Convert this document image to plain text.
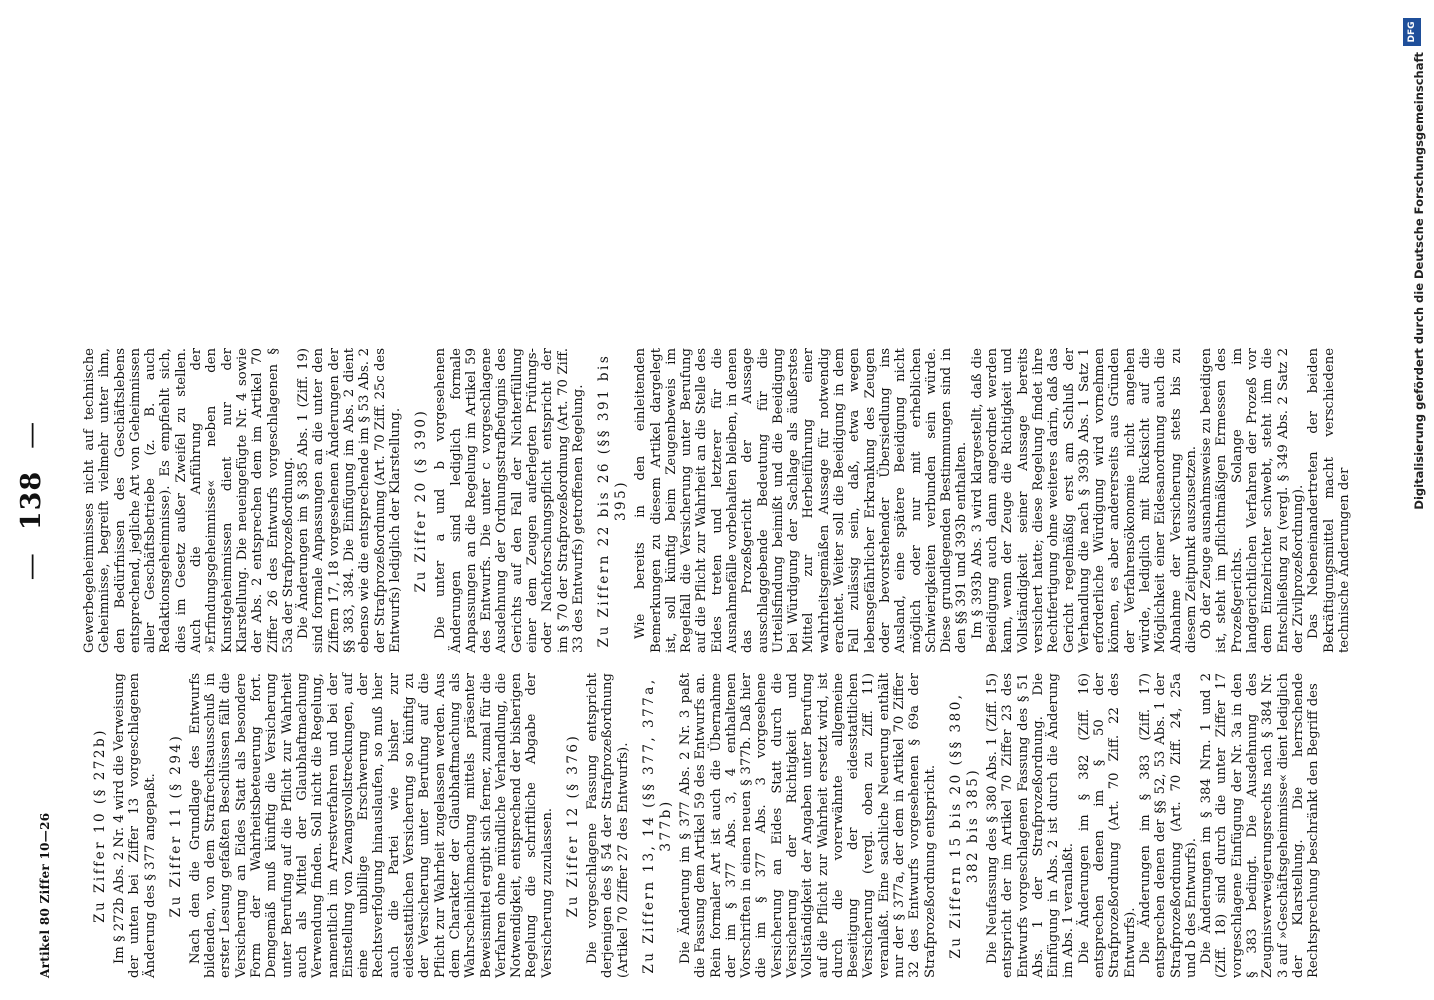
Artikel 80 Ziffer 10—26
—138—
Zu Ziffer 10 (§ 272b) Im § 272b Abs. 2 Nr. 4 wird die Verweisung der unten bei Ziffer 13 vorgeschlagenen Änderung des § 377 angepaßt. Zu Ziffer 11 (§ 294) Nach den die Grundlage des Entwurfs bildenden, von dem Strafrechtsausschuß in erster Lesung gefaßten Beschlüssen fällt die Versicherung an Eides Statt als besondere Form der Wahrheitsbeteuerung fort. Demgemäß muß künftig die Versicherung unter Berufung auf die Pflicht zur Wahrheit auch als Mittel der Glaubhaftmachung Verwendung finden. Soll nicht die Regelung, namentlich im Arrestverfahren und bei der Einstellung von Zwangsvollstreckungen, auf eine unbillige Erschwerung der Rechtsverfolgung hinauslaufen, so muß hier auch die Partei wie bisher zur eidesstattlichen Versicherung so künftig zu der Versicherung unter Berufung auf die Pflicht zur Wahrheit zugelassen werden. Aus dem Charakter der Glaubhaftmachung als Wahrscheinlichmachung mittels präsenter Beweismittel ergibt sich ferner, zumal für die Verfahren ohne mündliche Verhandlung, die Notwendigkeit, entsprechend der bisherigen Regelung die schriftliche Abgabe der Versicherung zuzulassen. Zu Ziffer 12 (§ 376) Die vorgeschlagene Fassung entspricht derjenigen des § 54 der Strafprozeßordnung (Artikel 70 Ziffer 27 des Entwurfs). Zu Ziffern 13, 14 (§§ 377, 377a, 377b) Die Änderung im § 377 Abs. 2 Nr. 3 paßt die Fassung dem Artikel 59 des Entwurfs an. Rein formaler Art ist auch die Übernahme der im § 377 Abs. 3, 4 enthaltenen Vorschriften in einen neuen § 377b. Daß hier die im § 377 Abs. 3 vorgesehene Versicherung an Eides Statt durch die Versicherung der Richtigkeit und Vollständigkeit der Angaben unter Berufung auf die Pflicht zur Wahrheit ersetzt wird, ist durch die vorerwähnte allgemeine Beseitigung der eidesstattlichen Versicherung (vergl. oben zu Ziff. 11) veranlaßt. Eine sachliche Neuerung enthält nur der § 377a, der dem in Artikel 70 Ziffer 32 des Entwurfs vorgesehenen § 69a der Strafprozeßordnung entspricht. Zu Ziffern 15 bis 20 (§§ 380, 382 bis 385) Die Neufassung des § 380 Abs. 1 (Ziff. 15) entspricht der im Artikel 70 Ziffer 23 des Entwurfs vorgeschlagenen Fassung des § 51 Abs. 1 der Strafprozeßordnung. Die Einfügung in Abs. 2 ist durch die Änderung im Abs. 1 veranlaßt. Die Änderungen im § 382 (Ziff. 16) entsprechen denen im § 50 der Strafprozeßordnung (Art. 70 Ziff. 22 des Entwurfs). Die Änderungen im § 383 (Ziff. 17) entsprechen denen der §§ 52, 53 Abs. 1 der Strafprozeßordnung (Art. 70 Ziff. 24, 25a und b des Entwurfs). Die Änderungen im § 384 Nrn. 1 und 2 (Ziff. 18) sind durch die unter Ziffer 17 vorgeschlagene Einfügung der Nr. 3a in den § 383 bedingt. Die Ausdehnung des Zeugnisverweigerungsrechts nach § 384 Nr. 3 auf »Geschäftsgeheimnisse« dient lediglich der Klarstellung. Die herrschende Rechtsprechung beschränkt den Begriff des

Gewerbegeheimnisses nicht auf technische Geheimnisse, begreift vielmehr unter ihm, den Bedürfnissen des Geschäftslebens entsprechend, jegliche Art von Geheimnissen aller Geschäftsbetriebe (z. B. auch Redaktionsgeheimnisse). Es empfiehlt sich, dies im Gesetz außer Zweifel zu stellen. Auch die Anführung der »Erfindungsgeheimnisse« neben den Kunstgeheimnissen dient nur der Klarstellung. Die neueingefügte Nr. 4 sowie der Abs. 2 entsprechen dem im Artikel 70 Ziffer 26 des Entwurfs vorgeschlagenen § 53a der Strafprozeßordnung. Die Änderungen im § 385 Abs. 1 (Ziff. 19) sind formale Anpassungen an die unter den Ziffern 17, 18 vorgesehenen Änderungen der §§ 383, 384. Die Einfügung im Abs. 2 dient ebenso wie die entsprechende im § 53 Abs. 2 der Strafprozeßordnung (Art. 70 Ziff. 25c des Entwurfs) lediglich der Klarstellung. Zu Ziffer 20 (§ 390) Die unter a und b vorgesehenen Änderungen sind lediglich formale Anpassungen an die Regelung im Artikel 59 des Entwurfs. Die unter c vorgeschlagene Ausdehnung der Ordnungsstrafbefugnis des Gerichts auf den Fall der Nichterfüllung einer dem Zeugen auferlegten Prüfungs- oder Nachforschungspflicht entspricht der im § 70 der Strafprozeßordnung (Art. 70 Ziff. 33 des Entwurfs) getroffenen Regelung. Zu Ziffern 22 bis 26 (§§ 391 bis 395) Wie bereits in den einleitenden Bemerkungen zu diesem Artikel dargelegt ist, soll künftig beim Zeugenbeweis im Regelfall die Versicherung unter Berufung auf die Pflicht zur Wahrheit an die Stelle des Eides treten und letzterer für die Ausnahmefälle vorbehalten bleiben, in denen das Prozeßgericht der Aussage ausschlaggebende Bedeutung für die Urteilsfindung beimißt und die Beeidigung bei Würdigung der Sachlage als äußerstes Mittel zur Herbeiführung einer wahrheitsgemäßen Aussage für notwendig erachtet. Weiter soll die Beeidigung in dem Fall zulässig sein, daß, etwa wegen lebensgefährlicher Erkrankung des Zeugen oder bevorstehender Übersiedlung ins Ausland, eine spätere Beeidigung nicht möglich oder nur mit erheblichen Schwierigkeiten verbunden sein würde. Diese grundlegenden Bestimmungen sind in den §§ 391 und 393b enthalten. Im § 393b Abs. 3 wird klargestellt, daß die Beeidigung auch dann angeordnet werden kann, wenn der Zeuge die Richtigkeit und Vollständigkeit seiner Aussage bereits versichert hatte; diese Regelung findet ihre Rechtfertigung ohne weiteres darin, daß das Gericht regelmäßig erst am Schluß der Verhandlung die nach § 393b Abs. 1 Satz 1 erforderliche Würdigung wird vornehmen können, es aber andererseits aus Gründen der Verfahrensökonomie nicht angehen würde, lediglich mit Rücksicht auf die Möglichkeit einer Eidesanordnung auch die Abnahme der Versicherung stets bis zu diesem Zeitpunkt auszusetzen. Ob der Zeuge ausnahmsweise zu beeidigen ist, steht im pflichtmäßigen Ermessen des Prozeßgerichts. Solange im landgerichtlichen Verfahren der Prozeß vor dem Einzelrichter schwebt, steht ihm die Entschließung zu (vergl. § 349 Abs. 2 Satz 2 der Zivilprozeßordnung). Das Nebeneinandertreten der beiden Bekräftigungsmittel macht verschiedene technische Änderungen der

DFG
Digitalisierung gefördert durch die Deutsche Forschungsgemeinschaft
